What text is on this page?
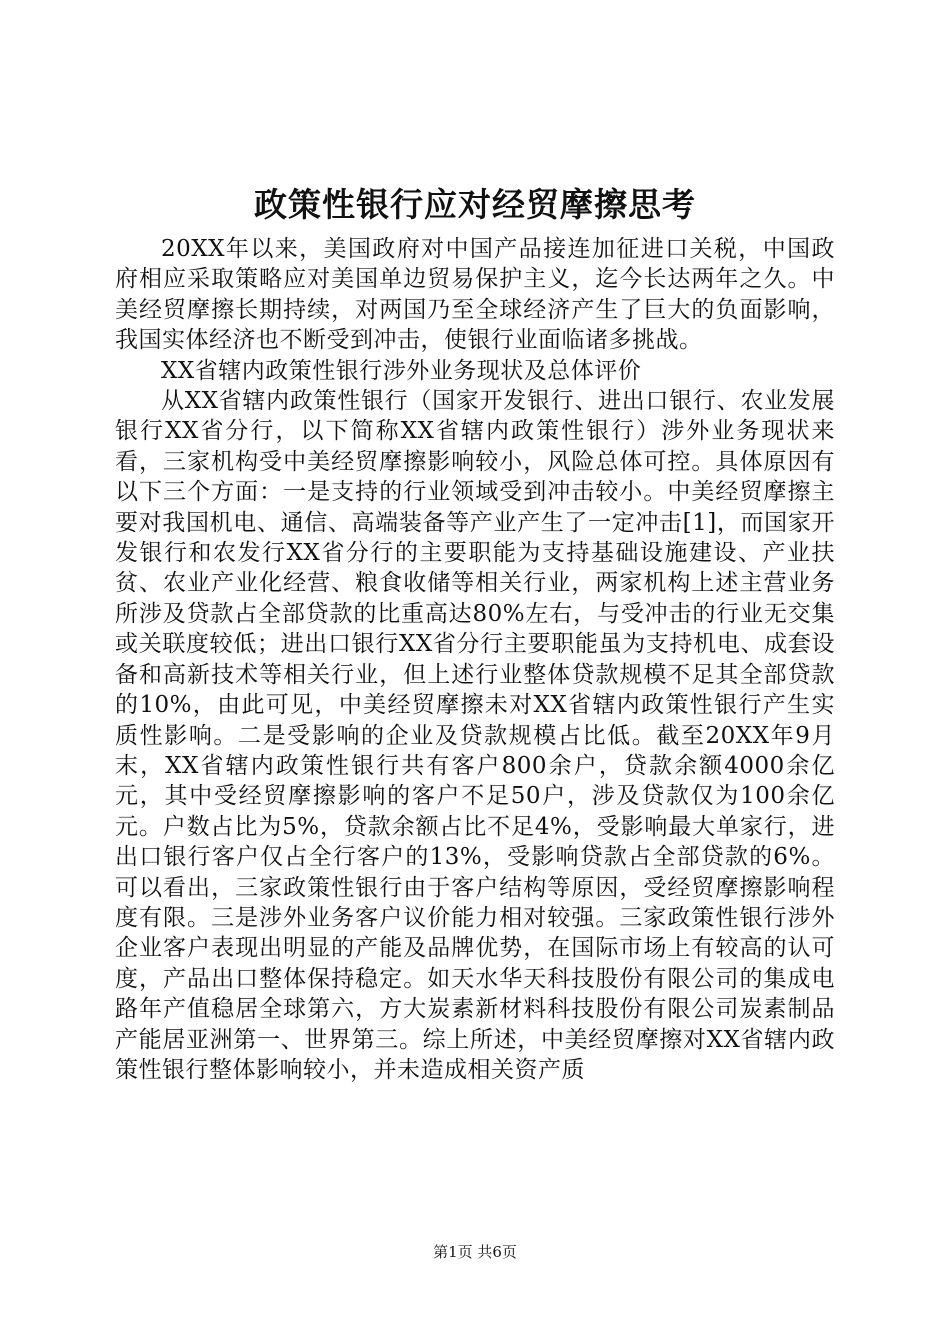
政策性银行应对经贸摩擦思考

20XX年以来，美国政府对中国产品接连加征进口关税，中国政府相应采取策略应对美国单边贸易保护主义，迄今长达两年之久。中美经贸摩擦长期持续，对两国乃至全球经济产生了巨大的负面影响，我国实体经济也不断受到冲击，使银行业面临诸多挑战。

XX省辖内政策性银行涉外业务现状及总体评价

从XX省辖内政策性银行（国家开发银行、进出口银行、农业发展银行XX省分行，以下简称XX省辖内政策性银行）涉外业务现状来看，三家机构受中美经贸摩擦影响较小，风险总体可控。具体原因有以下三个方面：一是支持的行业领域受到冲击较小。中美经贸摩擦主要对我国机电、通信、高端装备等产业产生了一定冲击[1]，而国家开发银行和农发行XX省分行的主要职能为支持基础设施建设、产业扶贫、农业产业化经营、粮食收储等相关行业，两家机构上述主营业务所涉及贷款占全部贷款的比重高达80%左右，与受冲击的行业无交集或关联度较低；进出口银行XX省分行主要职能虽为支持机电、成套设备和高新技术等相关行业，但上述行业整体贷款规模不足其全部贷款的10%，由此可见，中美经贸摩擦未对XX省辖内政策性银行产生实质性影响。二是受影响的企业及贷款规模占比低。截至20XX年9月末，XX省辖内政策性银行共有客户800余户，贷款余额4000余亿元，其中受经贸摩擦影响的客户不足50户，涉及贷款仅为100余亿元。户数占比为5%，贷款余额占比不足4%，受影响最大单家行，进出口银行客户仅占全行客户的13%，受影响贷款占全部贷款的6%。可以看出，三家政策性银行由于客户结构等原因，受经贸摩擦影响程度有限。三是涉外业务客户议价能力相对较强。三家政策性银行涉外企业客户表现出明显的产能及品牌优势，在国际市场上有较高的认可度，产品出口整体保持稳定。如天水华天科技股份有限公司的集成电路年产值稳居全球第六，方大炭素新材料科技股份有限公司炭素制品产能居亚洲第一、世界第三。综上所述，中美经贸摩擦对XX省辖内政策性银行整体影响较小，并未造成相关资产质

第1页 共6页
